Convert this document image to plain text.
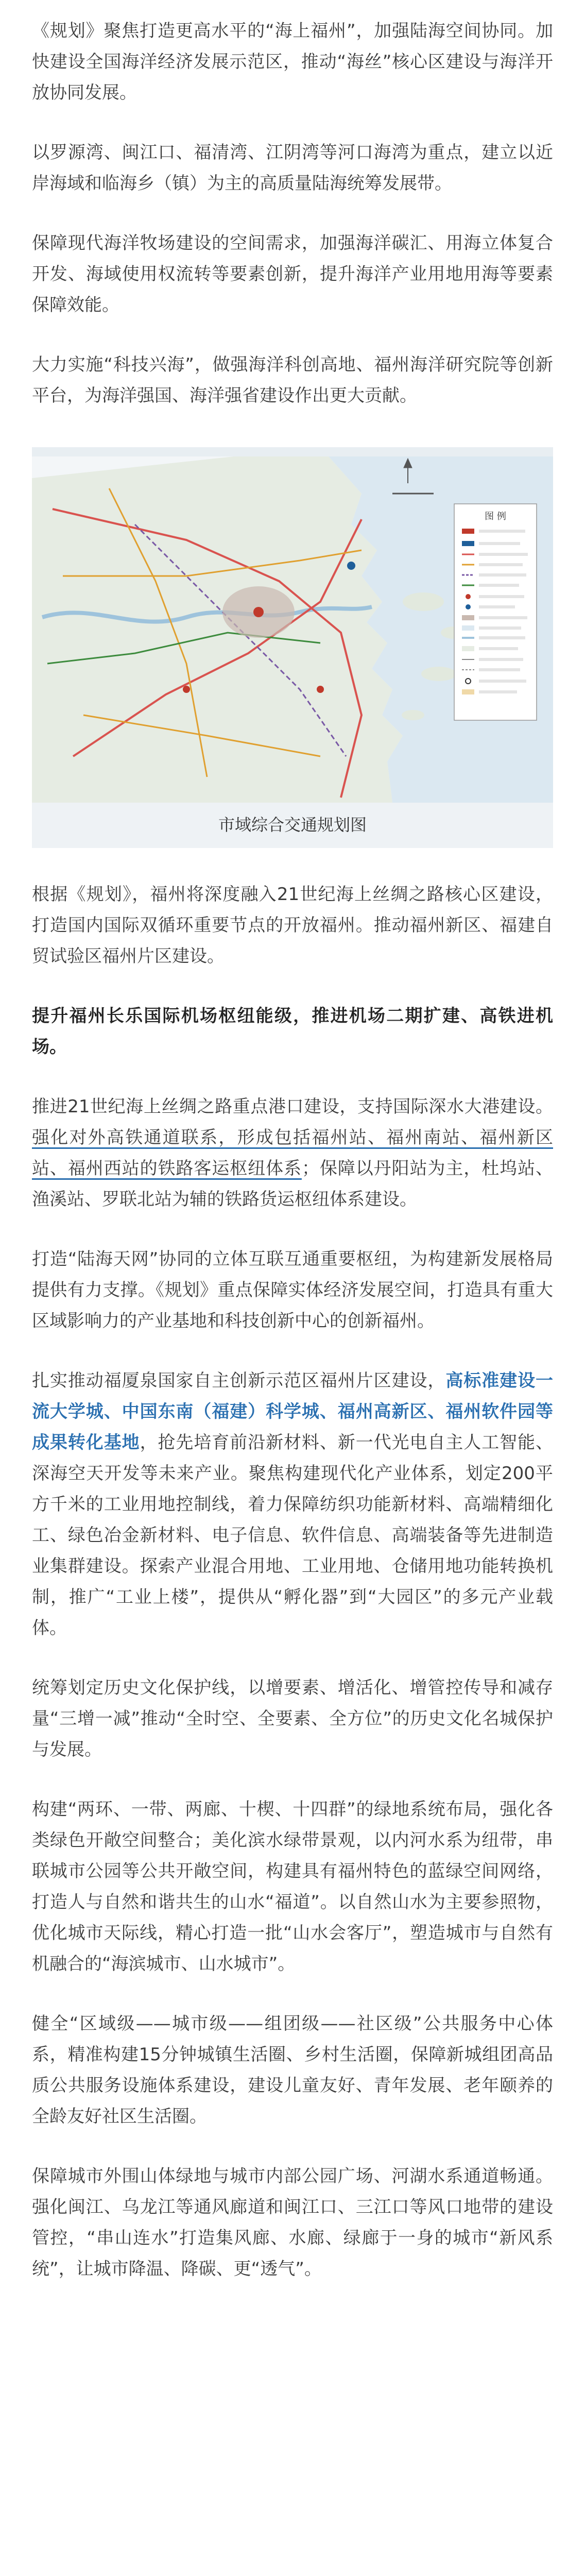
《规划》聚焦打造更高水平的“海上福州”，加强陆海空间协同。加快建设全国海洋经济发展示范区，推动“海丝”核心区建设与海洋开放协同发展。

以罗源湾、闽江口、福清湾、江阴湾等河口海湾为重点，建立以近岸海域和临海乡（镇）为主的高质量陆海统筹发展带。

保障现代海洋牧场建设的空间需求，加强海洋碳汇、用海立体复合开发、海域使用权流转等要素创新，提升海洋产业用地用海等要素保障效能。

大力实施“科技兴海”，做强海洋科创高地、福州海洋研究院等创新平台，为海洋强国、海洋强省建设作出更大贡献。

图 例
市域综合交通规划图

根据《规划》，福州将深度融入21世纪海上丝绸之路核心区建设，打造国内国际双循环重要节点的开放福州。推动福州新区、福建自贸试验区福州片区建设。

提升福州长乐国际机场枢纽能级，推进机场二期扩建、高铁进机场。

推进21世纪海上丝绸之路重点港口建设，支持国际深水大港建设。强化对外高铁通道联系，形成包括福州站、福州南站、福州新区站、福州西站的铁路客运枢纽体系；保障以丹阳站为主，杜坞站、渔溪站、罗联北站为辅的铁路货运枢纽体系建设。

打造“陆海天网”协同的立体互联互通重要枢纽，为构建新发展格局提供有力支撑。《规划》重点保障实体经济发展空间，打造具有重大区域影响力的产业基地和科技创新中心的创新福州。

扎实推动福厦泉国家自主创新示范区福州片区建设，高标准建设一流大学城、中国东南（福建）科学城、福州高新区、福州软件园等成果转化基地，抢先培育前沿新材料、新一代光电自主人工智能、深海空天开发等未来产业。聚焦构建现代化产业体系，划定200平方千米的工业用地控制线，着力保障纺织功能新材料、高端精细化工、绿色冶金新材料、电子信息、软件信息、高端装备等先进制造业集群建设。探索产业混合用地、工业用地、仓储用地功能转换机制，推广“工业上楼”，提供从“孵化器”到“大园区”的多元产业载体。

统筹划定历史文化保护线，以增要素、增活化、增管控传导和减存量“三增一减”推动“全时空、全要素、全方位”的历史文化名城保护与发展。

构建“两环、一带、两廊、十楔、十四群”的绿地系统布局，强化各类绿色开敞空间整合；美化滨水绿带景观，以内河水系为纽带，串联城市公园等公共开敞空间，构建具有福州特色的蓝绿空间网络，打造人与自然和谐共生的山水“福道”。以自然山水为主要参照物，优化城市天际线，精心打造一批“山水会客厅”，塑造城市与自然有机融合的“海滨城市、山水城市”。

健全“区域级——城市级——组团级——社区级”公共服务中心体系，精准构建15分钟城镇生活圈、乡村生活圈，保障新城组团高品质公共服务设施体系建设，建设儿童友好、青年发展、老年颐养的全龄友好社区生活圈。

保障城市外围山体绿地与城市内部公园广场、河湖水系通道畅通。强化闽江、乌龙江等通风廊道和闽江口、三江口等风口地带的建设管控，“串山连水”打造集风廊、水廊、绿廊于一身的城市“新风系统”，让城市降温、降碳、更“透气”。
